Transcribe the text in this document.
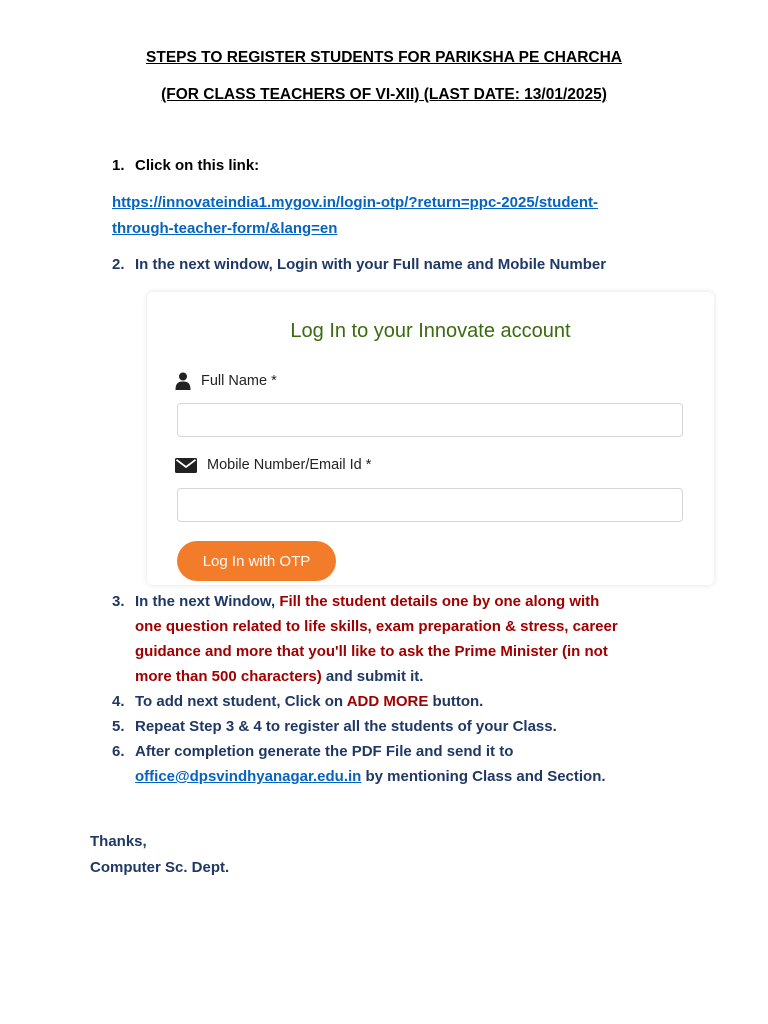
STEPS TO REGISTER STUDENTS FOR PARIKSHA PE CHARCHA
(FOR CLASS TEACHERS OF VI-XII) (LAST DATE: 13/01/2025)
1. Click on this link:
https://innovateindia1.mygov.in/login-otp/?return=ppc-2025/student-
through-teacher-form/&lang=en
2. In the next window, Login with your Full name and Mobile Number
Log In to your Innovate account
Full Name *
Mobile Number/Email Id *
Log In with OTP
3. In the next Window, Fill the student details one by one along with
one question related to life skills, exam preparation & stress, career
guidance and more that you'll like to ask the Prime Minister (in not
more than 500 characters) and submit it.
4. To add next student, Click on ADD MORE button.
5. Repeat Step 3 & 4 to register all the students of your Class.
6. After completion generate the PDF File and send it to
office@dpsvindhyanagar.edu.in by mentioning Class and Section.
Thanks,
Computer Sc. Dept.
